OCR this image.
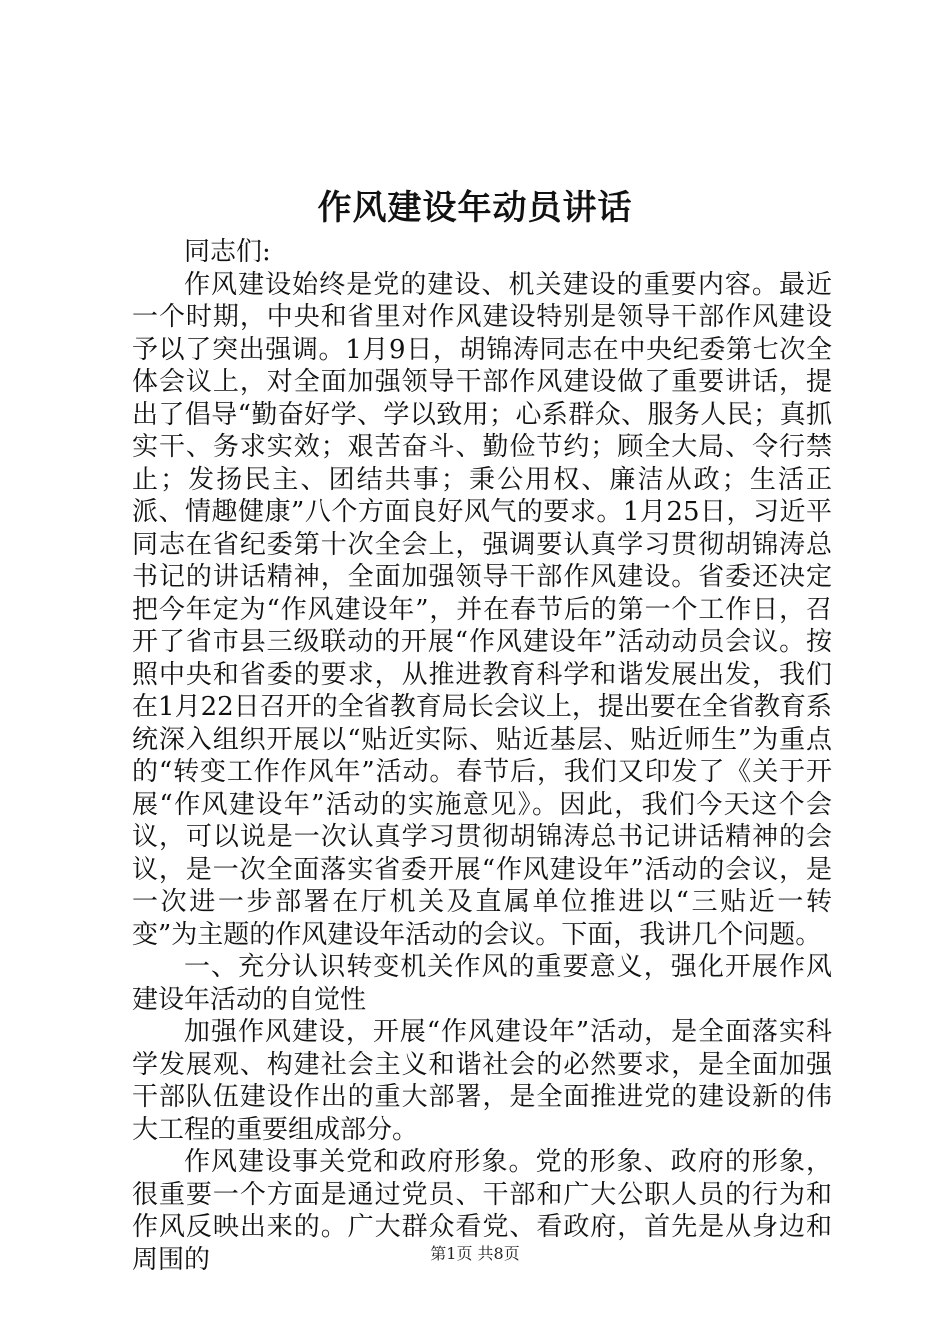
作风建设年动员讲话

同志们:

作风建设始终是党的建设、机关建设的重要内容。最近一个时期，中央和省里对作风建设特别是领导干部作风建设予以了突出强调。1月9日，胡锦涛同志在中央纪委第七次全体会议上，对全面加强领导干部作风建设做了重要讲话，提出了倡导“勤奋好学、学以致用；心系群众、服务人民；真抓实干、务求实效；艰苦奋斗、勤俭节约；顾全大局、令行禁止；发扬民主、团结共事；秉公用权、廉洁从政；生活正派、情趣健康”八个方面良好风气的要求。1月25日，习近平同志在省纪委第十次全会上，强调要认真学习贯彻胡锦涛总书记的讲话精神，全面加强领导干部作风建设。省委还决定把今年定为“作风建设年”，并在春节后的第一个工作日，召开了省市县三级联动的开展“作风建设年”活动动员会议。按照中央和省委的要求，从推进教育科学和谐发展出发，我们在1月22日召开的全省教育局长会议上，提出要在全省教育系统深入组织开展以“贴近实际、贴近基层、贴近师生”为重点的“转变工作作风年”活动。春节后，我们又印发了《关于开展“作风建设年”活动的实施意见》。因此，我们今天这个会议，可以说是一次认真学习贯彻胡锦涛总书记讲话精神的会议，是一次全面落实省委开展“作风建设年”活动的会议，是一次进一步部署在厅机关及直属单位推进以“三贴近一转变”为主题的作风建设年活动的会议。下面，我讲几个问题。

一、充分认识转变机关作风的重要意义，强化开展作风建设年活动的自觉性

加强作风建设，开展“作风建设年”活动，是全面落实科学发展观、构建社会主义和谐社会的必然要求，是全面加强干部队伍建设作出的重大部署，是全面推进党的建设新的伟大工程的重要组成部分。

作风建设事关党和政府形象。党的形象、政府的形象，很重要一个方面是通过党员、干部和广大公职人员的行为和作风反映出来的。广大群众看党、看政府，首先是从身边和周围的	第1页 共8页
